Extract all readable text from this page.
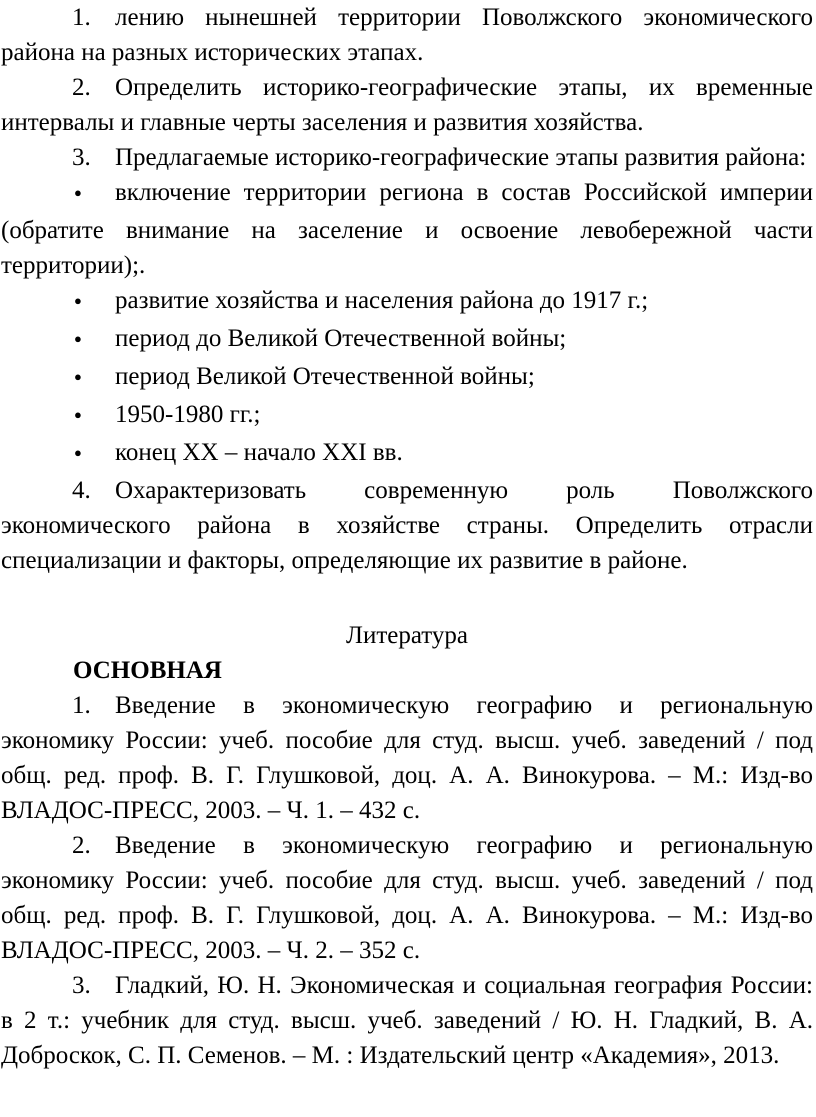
1. лению нынешней территории Поволжского экономического района на разных исторических этапах.

2. Определить историко-географические этапы, их временные интервалы и главные черты заселения и развития хозяйства.

3. Предлагаемые историко-географические этапы развития района:

●включение территории региона в состав Российской империи (обратите внимание на заселение и освоение левобережной части территории);.

●развитие хозяйства и населения района до 1917 г.;

●период до Великой Отечественной войны;

●период Великой Отечественной войны;

●1950-1980 гг.;

●конец XX – начало XXI вв.

4. Охарактеризовать современную роль Поволжского экономического района в хозяйстве страны. Определить отрасли специализации и факторы, определяющие их развитие в районе.

Литература

ОСНОВНАЯ

1. Введение в экономическую географию и региональную экономику России: учеб. пособие для студ. высш. учеб. заведений / под общ. ред. проф. В. Г. Глушковой, доц. А. А. Винокурова. – М.: Изд-во ВЛАДОС-ПРЕСС, 2003. – Ч. 1. – 432 с.

2. Введение в экономическую географию и региональную экономику России: учеб. пособие для студ. высш. учеб. заведений / под общ. ред. проф. В. Г. Глушковой, доц. А. А. Винокурова. – М.: Изд-во ВЛАДОС-ПРЕСС, 2003. – Ч. 2. – 352 с.

3. Гладкий, Ю. Н. Экономическая и социальная география России: в 2 т.: учебник для студ. высш. учеб. заведений / Ю. Н. Гладкий, В. А. Доброскок, С. П. Семенов. – М. : Издательский центр «Академия», 2013.
